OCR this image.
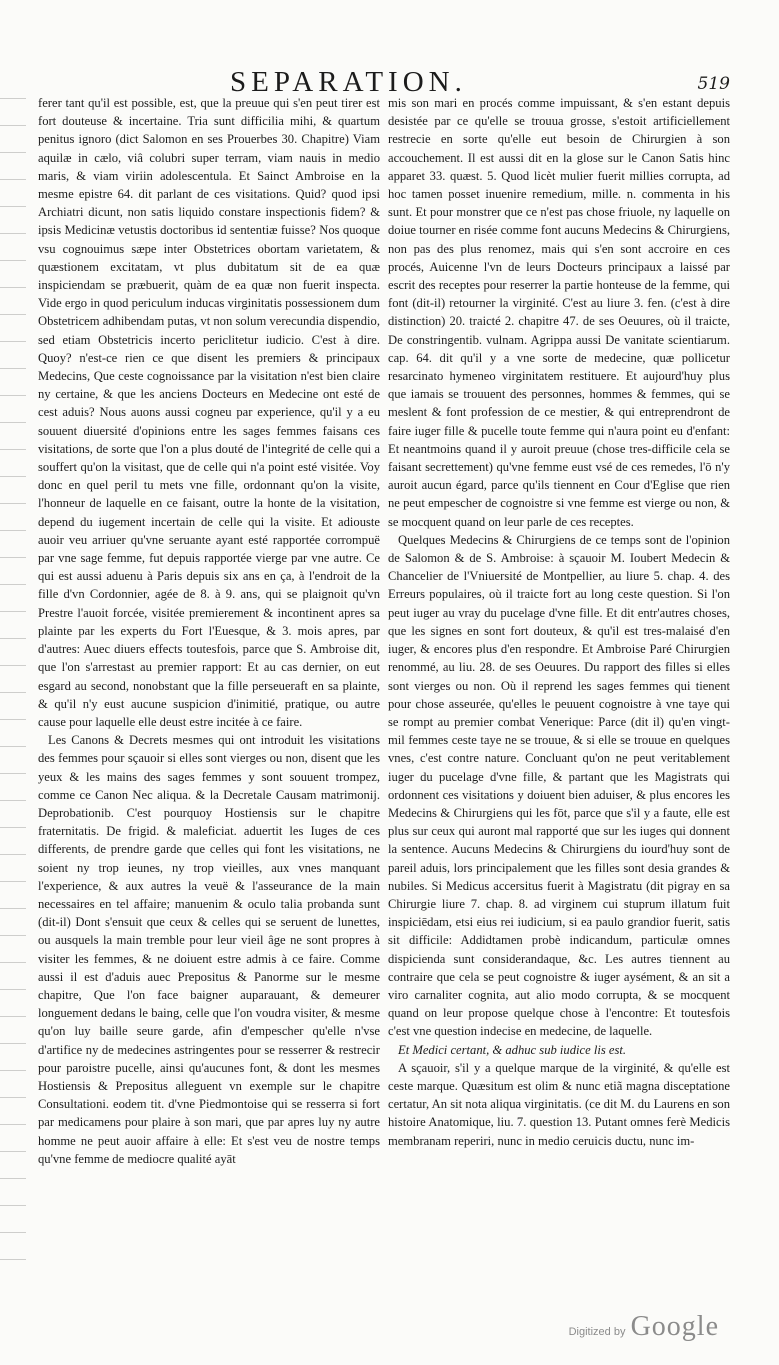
SEPARATION.	519

ferer tant qu'il est possible, est, que la preuue qui s'en peut tirer est fort douteuse & incertaine. Tria sunt difficilia mihi, & quartum penitus ignoro (dict Salomon en ses Prouerbes 30. Chapitre) Viam aquilæ in cælo, viâ colubri super terram, viam nauis in medio maris, & viam viriin adolescentula. Et Sainct Ambroise en la mesme epistre 64. dit parlant de ces visitations. Quid? quod ipsi Archiatri dicunt, non satis liquido constare inspectionis fidem? & ipsis Medicinæ vetustis doctoribus id sententiæ fuisse? Nos quoque vsu cognouimus sæpe inter Obstetrices obortam varietatem, & quæstionem excitatam, vt plus dubitatum sit de ea quæ inspiciendam se præbuerit, quàm de ea quæ non fuerit inspecta. Vide ergo in quod periculum inducas virginitatis possessionem dum Obstetricem adhibendam putas, vt non solum verecundia dispendio, sed etiam Obstetricis incerto periclitetur iudicio. C'est à dire. Quoy? n'est-ce rien ce que disent les premiers & principaux Medecins, Que ceste cognoissance par la visitation n'est bien claire ny certaine, & que les anciens Docteurs en Medecine ont esté de cest aduis? Nous auons aussi cogneu par experience, qu'il y a eu souuent diuersité d'opinions entre les sages femmes faisans ces visitations, de sorte que l'on a plus douté de l'integrité de celle qui a souffert qu'on la visitast, que de celle qui n'a point esté visitée. Voy donc en quel peril tu mets vne fille, ordonnant qu'on la visite, l'honneur de laquelle en ce faisant, outre la honte de la visitation, depend du iugement incertain de celle qui la visite. Et adiouste auoir veu arriuer qu'vne seruante ayant esté rapportée corrompuë par vne sage femme, fut depuis rapportée vierge par vne autre. Ce qui est aussi aduenu à Paris depuis six ans en ça, à l'endroit de la fille d'vn Cordonnier, agée de 8. à 9. ans, qui se plaignoit qu'vn Prestre l'auoit forcée, visitée premierement & incontinent apres sa plainte par les experts du Fort l'Euesque, & 3. mois apres, par d'autres: Auec diuers effects toutesfois, parce que S. Ambroise dit, que l'on s'arrestast au premier rapport: Et au cas dernier, on eut esgard au second, nonobstant que la fille perseueraft en sa plainte, & qu'il n'y eust aucune suspicion d'inimitié, pratique, ou autre cause pour laquelle elle deust estre incitée à ce faire.

Les Canons & Decrets mesmes qui ont introduit les visitations des femmes pour sçauoir si elles sont vierges ou non, disent que les yeux & les mains des sages femmes y sont souuent trompez, comme ce Canon Nec aliqua. & la Decretale Causam matrimonij. Deprobationib. C'est pourquoy Hostiensis sur le chapitre fraternitatis. De frigid. & maleficiat. aduertit les Iuges de ces differents, de prendre garde que celles qui font les visitations, ne soient ny trop ieunes, ny trop vieilles, aux vnes manquant l'experience, & aux autres la veuë & l'asseurance de la main necessaires en tel affaire; manuenim & oculo talia probanda sunt (dit-il) Dont s'ensuit que ceux & celles qui se seruent de lunettes, ou ausquels la main tremble pour leur vieil âge ne sont propres à visiter les femmes, & ne doiuent estre admis à ce faire. Comme aussi il est d'aduis auec Prepositus & Panorme sur le mesme chapitre, Que l'on face baigner auparauant, & demeurer longuement dedans le baing, celle que l'on voudra visiter, & mesme qu'on luy baille seure garde, afin d'empescher qu'elle n'vse d'artifice ny de medecines astringentes pour se resserrer & restrecir pour paroistre pucelle, ainsi qu'aucunes font, & dont les mesmes Hostiensis & Prepositus alleguent vn exemple sur le chapitre Consultationi. eodem tit. d'vne Piedmontoise qui se resserra si fort par medicamens pour plaire à son mari, que par apres luy ny autre homme ne peut auoir affaire à elle: Et s'est veu de nostre temps qu'vne femme de mediocre qualité ayāt

mis son mari en procés comme impuissant, & s'en estant depuis desistée par ce qu'elle se trouua grosse, s'estoit artificiellement restrecie en sorte qu'elle eut besoin de Chirurgien à son accouchement. Il est aussi dit en la glose sur le Canon Satis hinc apparet 33. quæst. 5. Quod licèt mulier fuerit millies corrupta, ad hoc tamen posset inuenire remedium, mille. n. commenta in his sunt. Et pour monstrer que ce n'est pas chose friuole, ny laquelle on doiue tourner en risée comme font aucuns Medecins & Chirurgiens, non pas des plus renomez, mais qui s'en sont accroire en ces procés, Auicenne l'vn de leurs Docteurs principaux a laissé par escrit des receptes pour reserrer la partie honteuse de la femme, qui font (dit-il) retourner la virginité. C'est au liure 3. fen. (c'est à dire distinction) 20. traicté 2. chapitre 47. de ses Oeuures, où il traicte, De constringentib. vulnam. Agrippa aussi De vanitate scientiarum. cap. 64. dit qu'il y a vne sorte de medecine, quæ pollicetur resarcinato hymeneo virginitatem restituere. Et aujourd'huy plus que iamais se trouuent des personnes, hommes & femmes, qui se meslent & font profession de ce mestier, & qui entreprendront de faire iuger fille & pucelle toute femme qui n'aura point eu d'enfant: Et neantmoins quand il y auroit preuue (chose tres-difficile cela se faisant secrettement) qu'vne femme eust vsé de ces remedes, l'ō n'y auroit aucun égard, parce qu'ils tiennent en Cour d'Eglise que rien ne peut empescher de cognoistre si vne femme est vierge ou non, & se mocquent quand on leur parle de ces receptes.

Quelques Medecins & Chirurgiens de ce temps sont de l'opinion de Salomon & de S. Ambroise: à sçauoir M. Ioubert Medecin & Chancelier de l'Vniuersité de Montpellier, au liure 5. chap. 4. des Erreurs populaires, où il traicte fort au long ceste question. Si l'on peut iuger au vray du pucelage d'vne fille. Et dit entr'autres choses, que les signes en sont fort douteux, & qu'il est tres-malaisé d'en iuger, & encores plus d'en respondre. Et Ambroise Paré Chirurgien renommé, au liu. 28. de ses Oeuures. Du rapport des filles si elles sont vierges ou non. Où il reprend les sages femmes qui tienent pour chose asseurée, qu'elles le peuuent cognoistre à vne taye qui se rompt au premier combat Venerique: Parce (dit il) qu'en vingt-mil femmes ceste taye ne se trouue, & si elle se trouue en quelques vnes, c'est contre nature. Concluant qu'on ne peut veritablement iuger du pucelage d'vne fille, & partant que les Magistrats qui ordonnent ces visitations y doiuent bien aduiser, & plus encores les Medecins & Chirurgiens qui les fōt, parce que s'il y a faute, elle est plus sur ceux qui auront mal rapporté que sur les iuges qui donnent la sentence. Aucuns Medecins & Chirurgiens du iourd'huy sont de pareil aduis, lors principalement que les filles sont desia grandes & nubiles. Si Medicus accersitus fuerit à Magistratu (dit pigray en sa Chirurgie liure 7. chap. 8. ad virginem cui stuprum illatum fuit inspiciēdam, etsi eius rei iudicium, si ea paulo grandior fuerit, satis sit difficile: Addidtamen probè indicandum, particulæ omnes dispicienda sunt considerandaque, &c. Les autres tiennent au contraire que cela se peut cognoistre & iuger aysément, & an sit a viro carnaliter cognita, aut alio modo corrupta, & se mocquent quand on leur propose quelque chose à l'encontre: Et toutesfois c'est vne question indecise en medecine, de laquelle.

Et Medici certant, & adhuc sub iudice lis est.

A sçauoir, s'il y a quelque marque de la virginité, & qu'elle est ceste marque. Quæsitum est olim & nunc etiã magna disceptatione certatur, An sit nota aliqua virginitatis. (ce dit M. du Laurens en son histoire Anatomique, liu. 7. question 13. Putant omnes ferè Medicis membranam reperiri, nunc in medio ceruicis ductu, nunc im-

Digitized by Google
